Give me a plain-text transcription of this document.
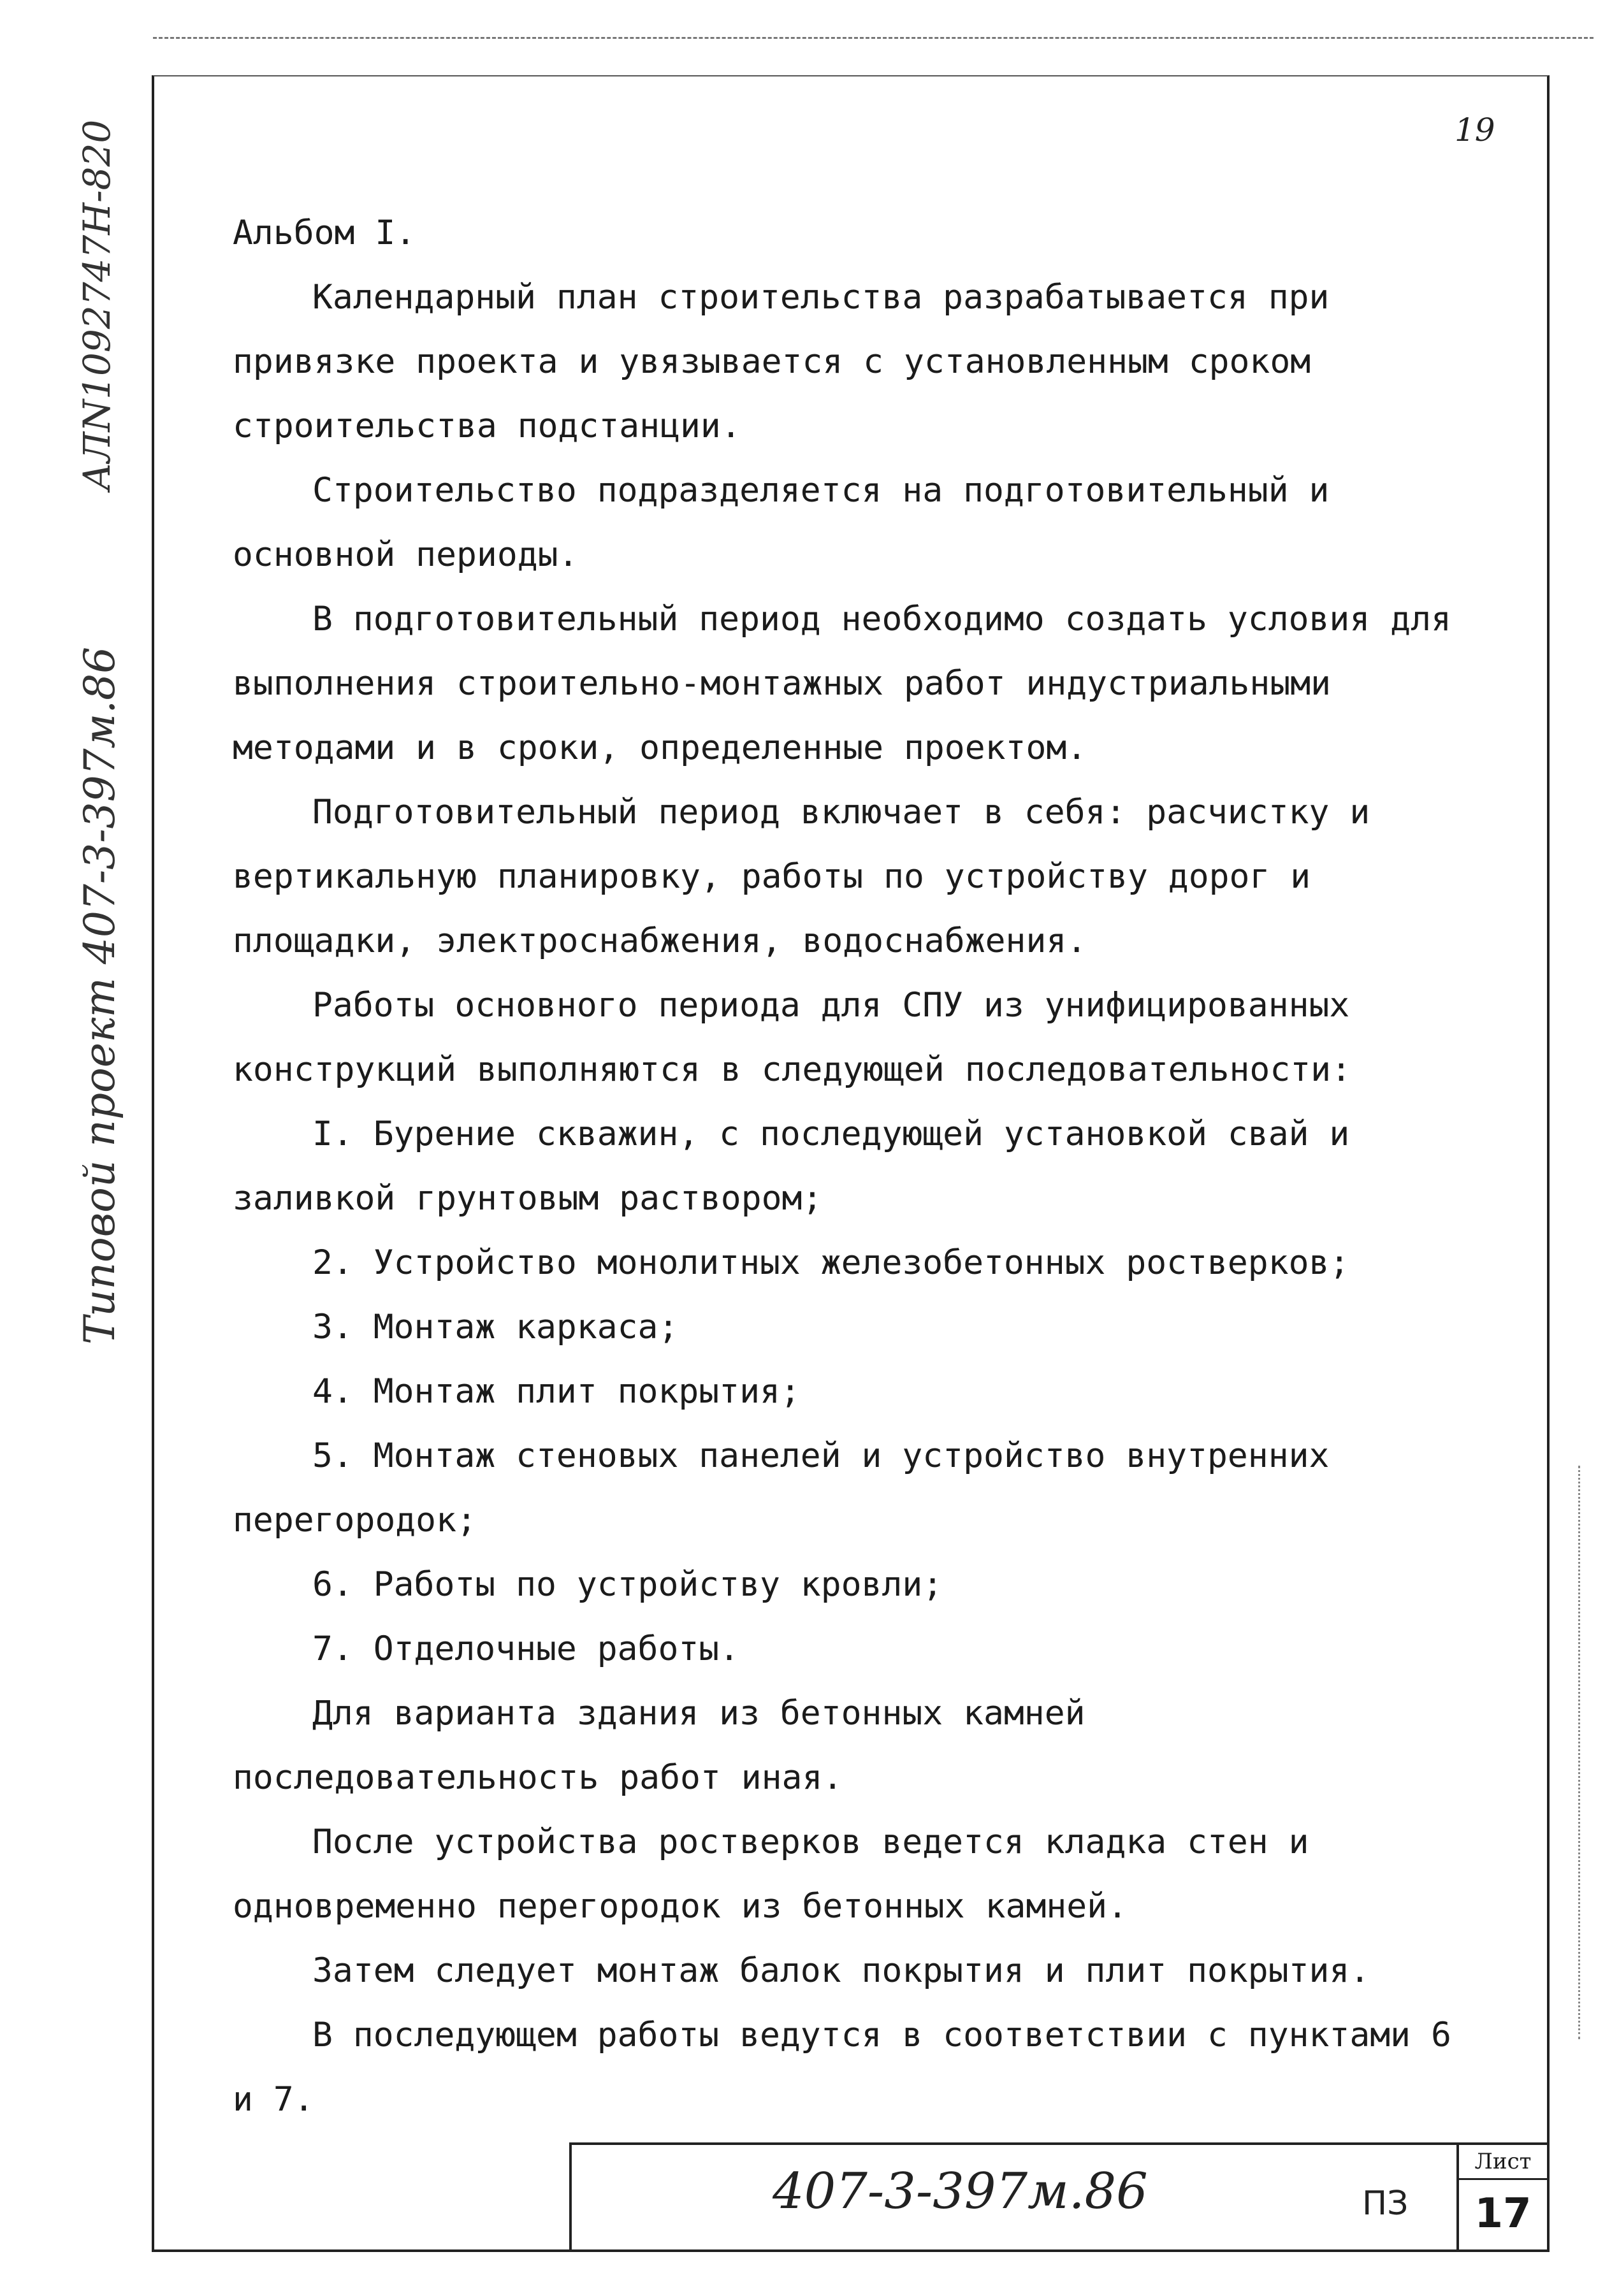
19
АЛN1092747Н-820
Типовой проект 407-3-397м.86

Альбом I.

Календарный план строительства разрабатывается при привязке проекта и увязывается с установленным сроком строительства подстанции.

Строительство подразделяется на подготовительный и основной периоды.

В подготовительный период необходимо создать условия для выполнения строительно-монтажных работ индустриальными методами и в сроки, определенные проектом.

Подготовительный период включает в себя: расчистку и вертикальную планировку, работы по устройству дорог и площадки, электроснабжения, водоснабжения.

Работы основного периода для СПУ из унифицированных конструкций выполняются в следующей последовательности:

I. Бурение скважин, с последующей установкой свай и заливкой грунтовым раствором;

2. Устройство монолитных железобетонных ростверков;

3. Монтаж каркаса;

4. Монтаж плит покрытия;

5. Монтаж стеновых панелей и устройство внутренних перегородок;

6. Работы по устройству кровли;

7. Отделочные работы.

Для варианта здания из бетонных камней последовательность работ иная.

После устройства ростверков ведется кладка стен и одновременно перегородок из бетонных камней.

Затем следует монтаж балок покрытия и плит покрытия.

В последующем работы ведутся в соответствии с пунктами 6 и 7.

407-3-397м.86	ПЗ
Лист
17
